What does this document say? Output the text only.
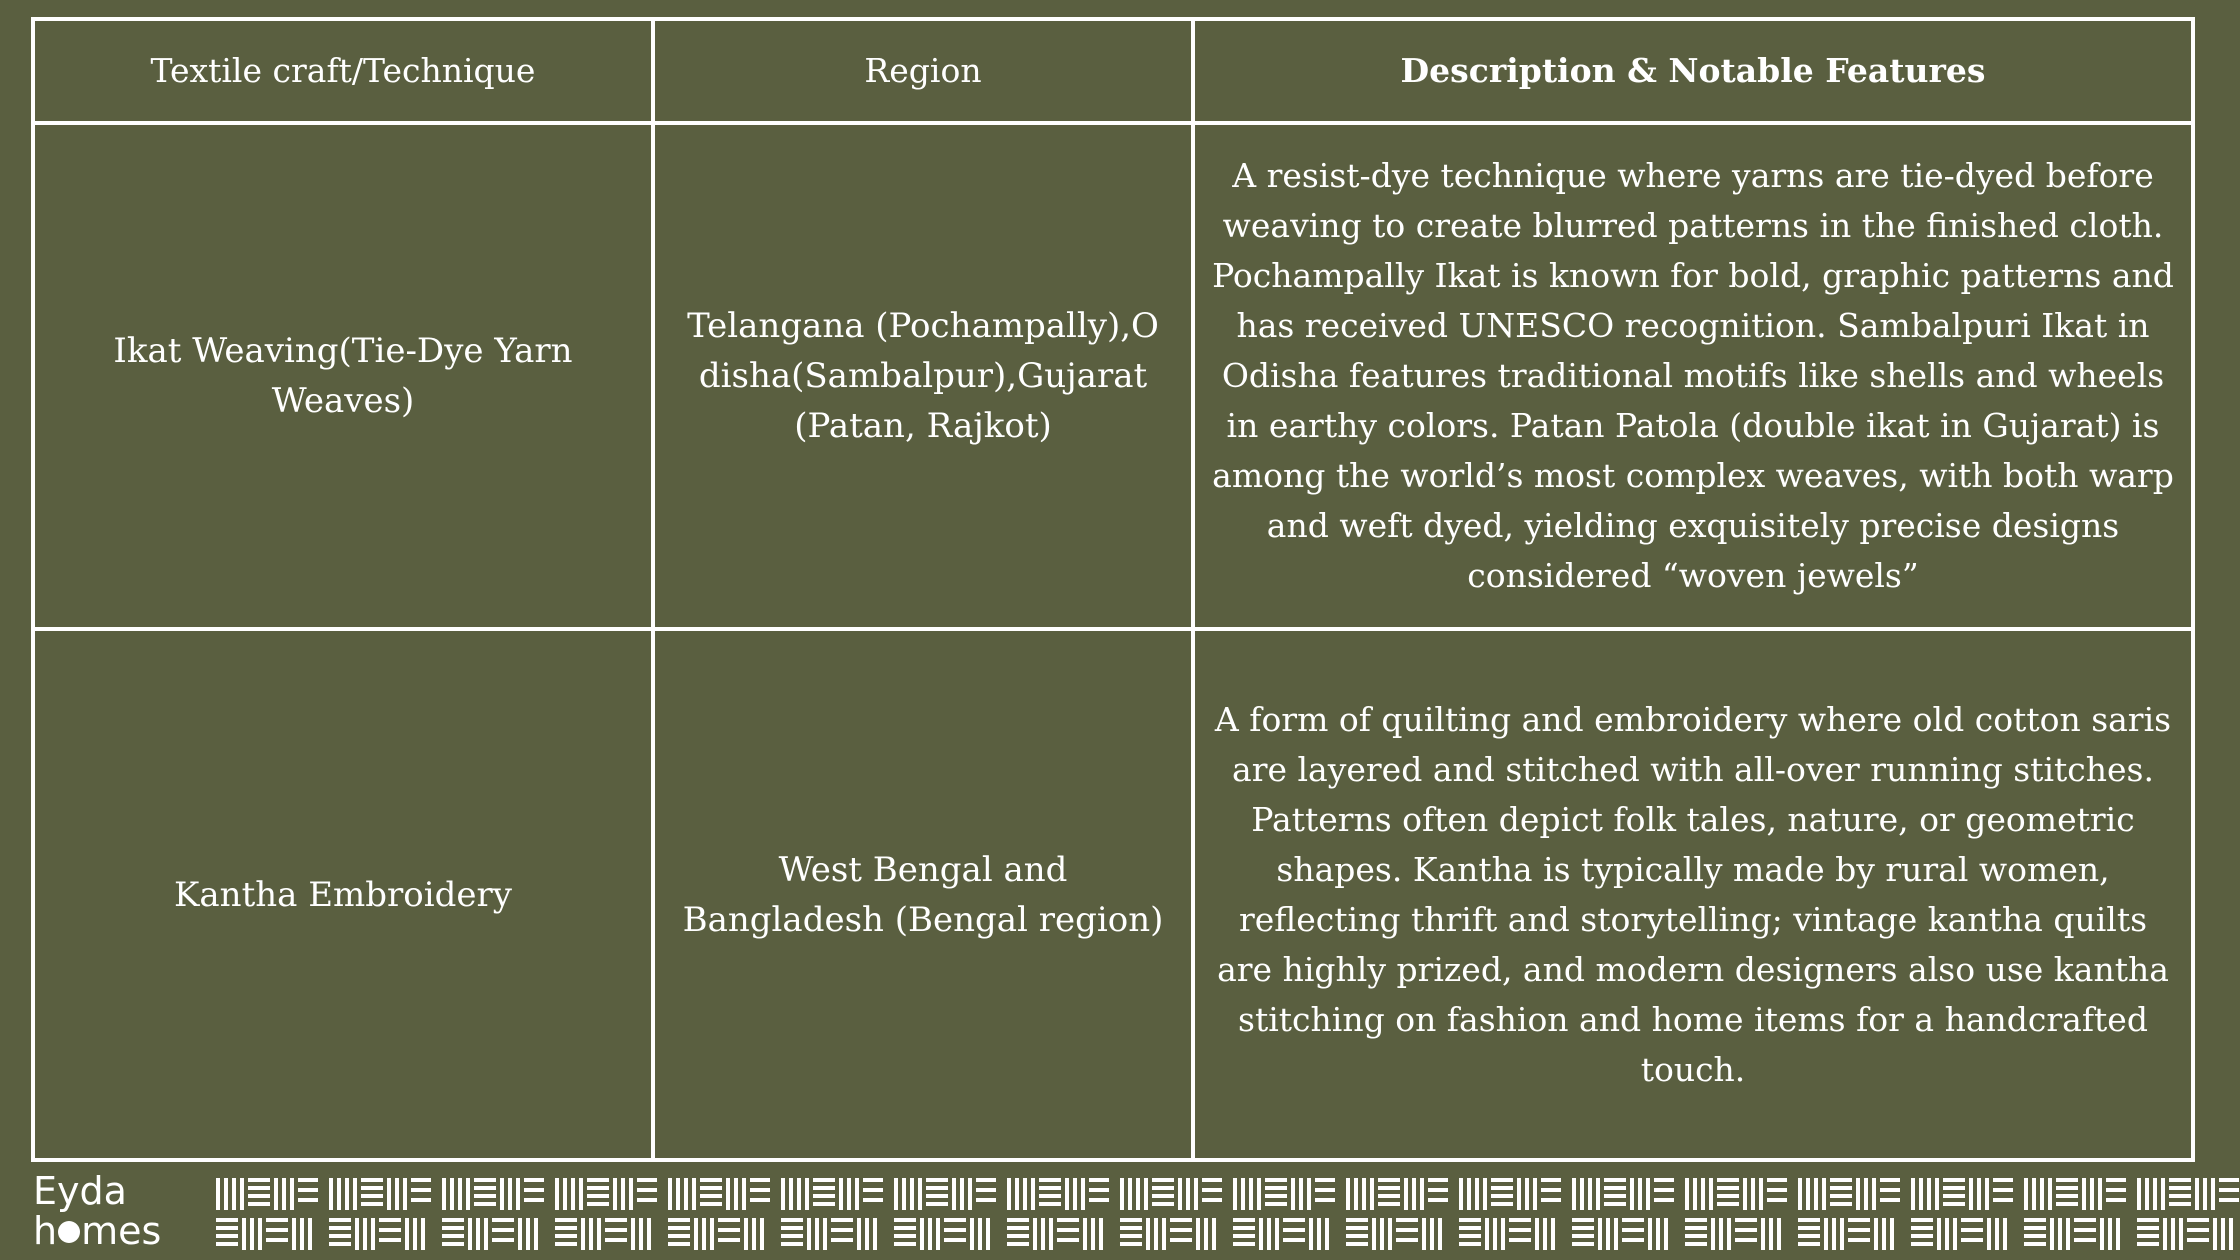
Textile craft/Technique	Region	Description & Notable Features
Ikat Weaving(Tie-Dye Yarn Weaves)
Telangana (Pochampally),Odisha(Sambalpur),Gujarat (Patan, Rajkot)
A resist-dye technique where yarns are tie-dyed before weaving to create blurred patterns in the finished cloth. Pochampally Ikat is known for bold, graphic patterns and has received UNESCO recognition. Sambalpuri Ikat in Odisha features traditional motifs like shells and wheels in earthy colors. Patan Patola (double ikat in Gujarat) is among the world’s most complex weaves, with both warp and weft dyed, yielding exquisitely precise designs considered “woven jewels”
Kantha Embroidery
West Bengal and Bangladesh (Bengal region)
A form of quilting and embroidery where old cotton saris are layered and stitched with all-over running stitches. Patterns often depict folk tales, nature, or geometric shapes. Kantha is typically made by rural women, reflecting thrift and storytelling; vintage kantha quilts are highly prized, and modern designers also use kantha stitching on fashion and home items for a handcrafted touch.
Eyda
h mes
